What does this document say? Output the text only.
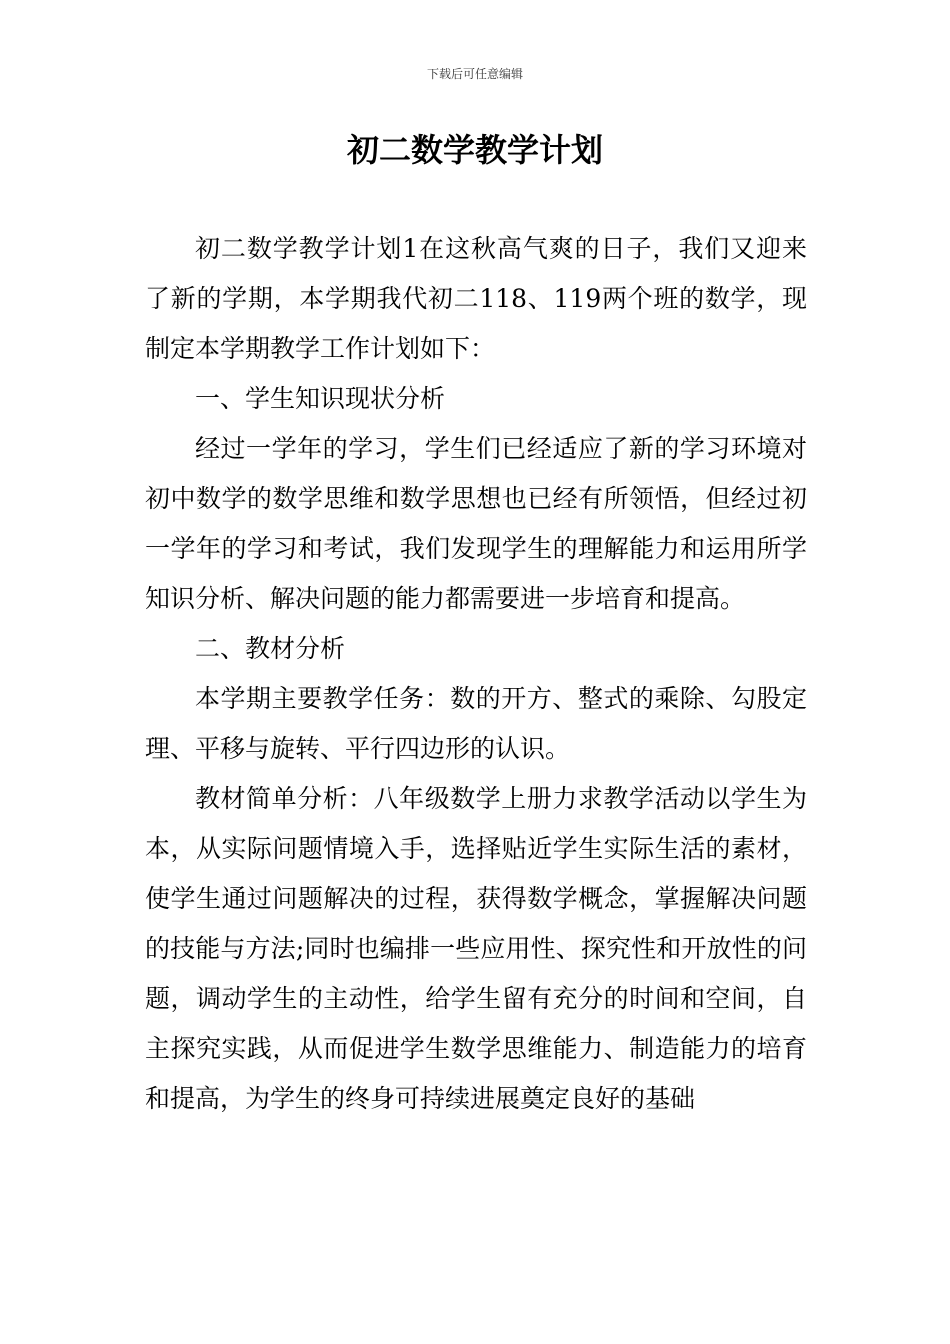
下载后可任意编辑
初二数学教学计划

初二数学教学计划1在这秋高气爽的日子，我们又迎来了新的学期，本学期我代初二118、119两个班的数学，现制定本学期教学工作计划如下：

一、学生知识现状分析

经过一学年的学习，学生们已经适应了新的学习环境对初中数学的数学思维和数学思想也已经有所领悟，但经过初一学年的学习和考试，我们发现学生的理解能力和运用所学知识分析、解决问题的能力都需要进一步培育和提高。

二、教材分析

本学期主要教学任务：数的开方、整式的乘除、勾股定理、平移与旋转、平行四边形的认识。

教材简单分析：八年级数学上册力求教学活动以学生为本，从实际问题情境入手，选择贴近学生实际生活的素材，使学生通过问题解决的过程，获得数学概念，掌握解决问题的技能与方法;同时也编排一些应用性、探究性和开放性的问题，调动学生的主动性，给学生留有充分的时间和空间，自主探究实践，从而促进学生数学思维能力、制造能力的培育和提高，为学生的终身可持续进展奠定良好的基础
